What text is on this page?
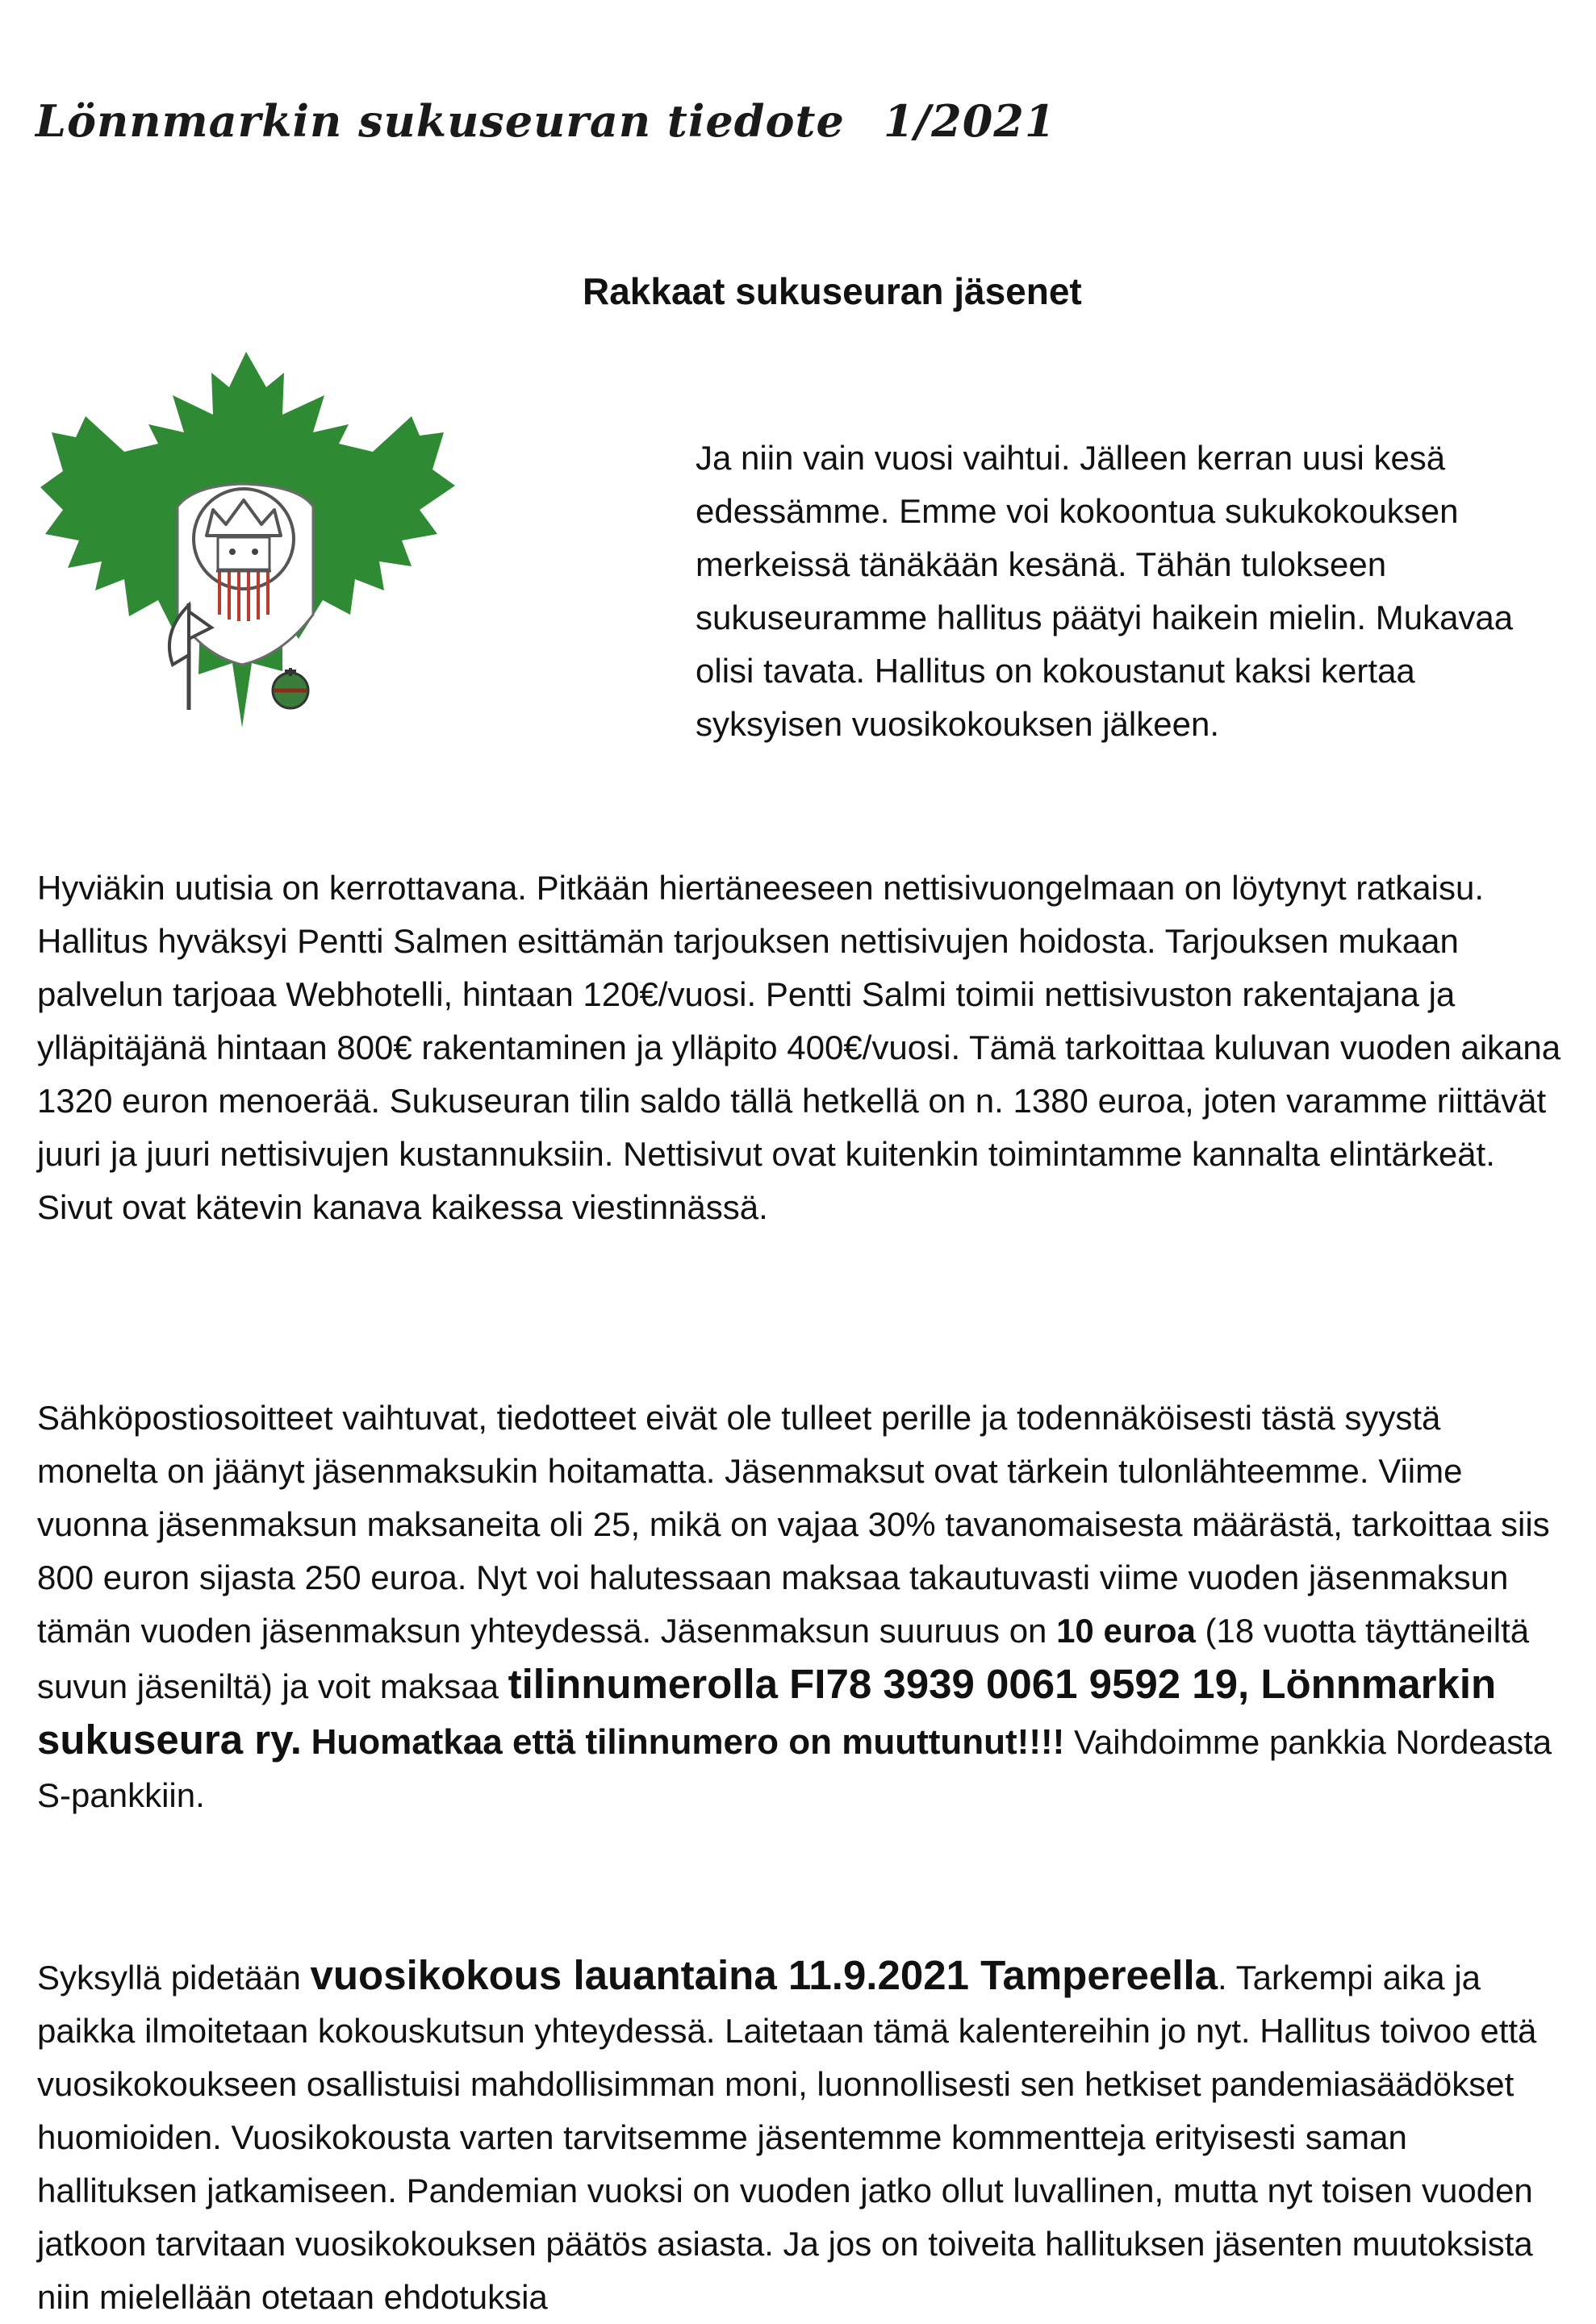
Lönnmarkin sukuseuran tiedote 1/2021
Rakkaat sukuseuran jäsenet
Ja niin vain vuosi vaihtui. Jälleen kerran uusi kesä edessämme. Emme voi kokoontua sukukokouksen merkeissä tänäkään kesänä. Tähän tulokseen sukuseuramme hallitus päätyi haikein mielin. Mukavaa olisi tavata. Hallitus on kokoustanut kaksi kertaa syksyisen vuosikokouksen jälkeen.

Hyviäkin uutisia on kerrottavana. Pitkään hiertäneeseen nettisivuongelmaan on löytynyt ratkaisu. Hallitus hyväksyi Pentti Salmen esittämän tarjouksen nettisivujen hoidosta. Tarjouksen mukaan palvelun tarjoaa Webhotelli, hintaan 120€/vuosi. Pentti Salmi toimii nettisivuston rakentajana ja ylläpitäjänä hintaan 800€ rakentaminen ja ylläpito 400€/vuosi. Tämä tarkoittaa kuluvan vuoden aikana 1320 euron menoerää. Sukuseuran tilin saldo tällä hetkellä on n. 1380 euroa, joten varamme riittävät juuri ja juuri nettisivujen kustannuksiin. Nettisivut ovat kuitenkin toimintamme kannalta elintärkeät. Sivut ovat kätevin kanava kaikessa viestinnässä.

Sähköpostiosoitteet vaihtuvat, tiedotteet eivät ole tulleet perille ja todennäköisesti tästä syystä monelta on jäänyt jäsenmaksukin hoitamatta. Jäsenmaksut ovat tärkein tulonlähteemme. Viime vuonna jäsenmaksun maksaneita oli 25, mikä on vajaa 30% tavanomaisesta määrästä, tarkoittaa siis 800 euron sijasta 250 euroa. Nyt voi halutessaan maksaa takautuvasti viime vuoden jäsenmaksun tämän vuoden jäsenmaksun yhteydessä. Jäsenmaksun suuruus on 10 euroa (18 vuotta täyttäneiltä suvun jäseniltä) ja voit maksaa tilinnumerolla FI78 3939 0061 9592 19, Lönnmarkin sukuseura ry. Huomatkaa että tilinnumero on muuttunut!!!! Vaihdoimme pankkia Nordeasta S-pankkiin.

Syksyllä pidetään vuosikokous lauantaina 11.9.2021 Tampereella. Tarkempi aika ja paikka ilmoitetaan kokouskutsun yhteydessä. Laitetaan tämä kalentereihin jo nyt. Hallitus toivoo että vuosikokoukseen osallistuisi mahdollisimman moni, luonnollisesti sen hetkiset pandemiasäädökset huomioiden. Vuosikokousta varten tarvitsemme jäsentemme kommentteja erityisesti saman hallituksen jatkamiseen. Pandemian vuoksi on vuoden jatko ollut luvallinen, mutta nyt toisen vuoden jatkoon tarvitaan vuosikokouksen päätös asiasta. Ja jos on toiveita hallituksen jäsenten muutoksista niin mielellään otetaan ehdotuksia
